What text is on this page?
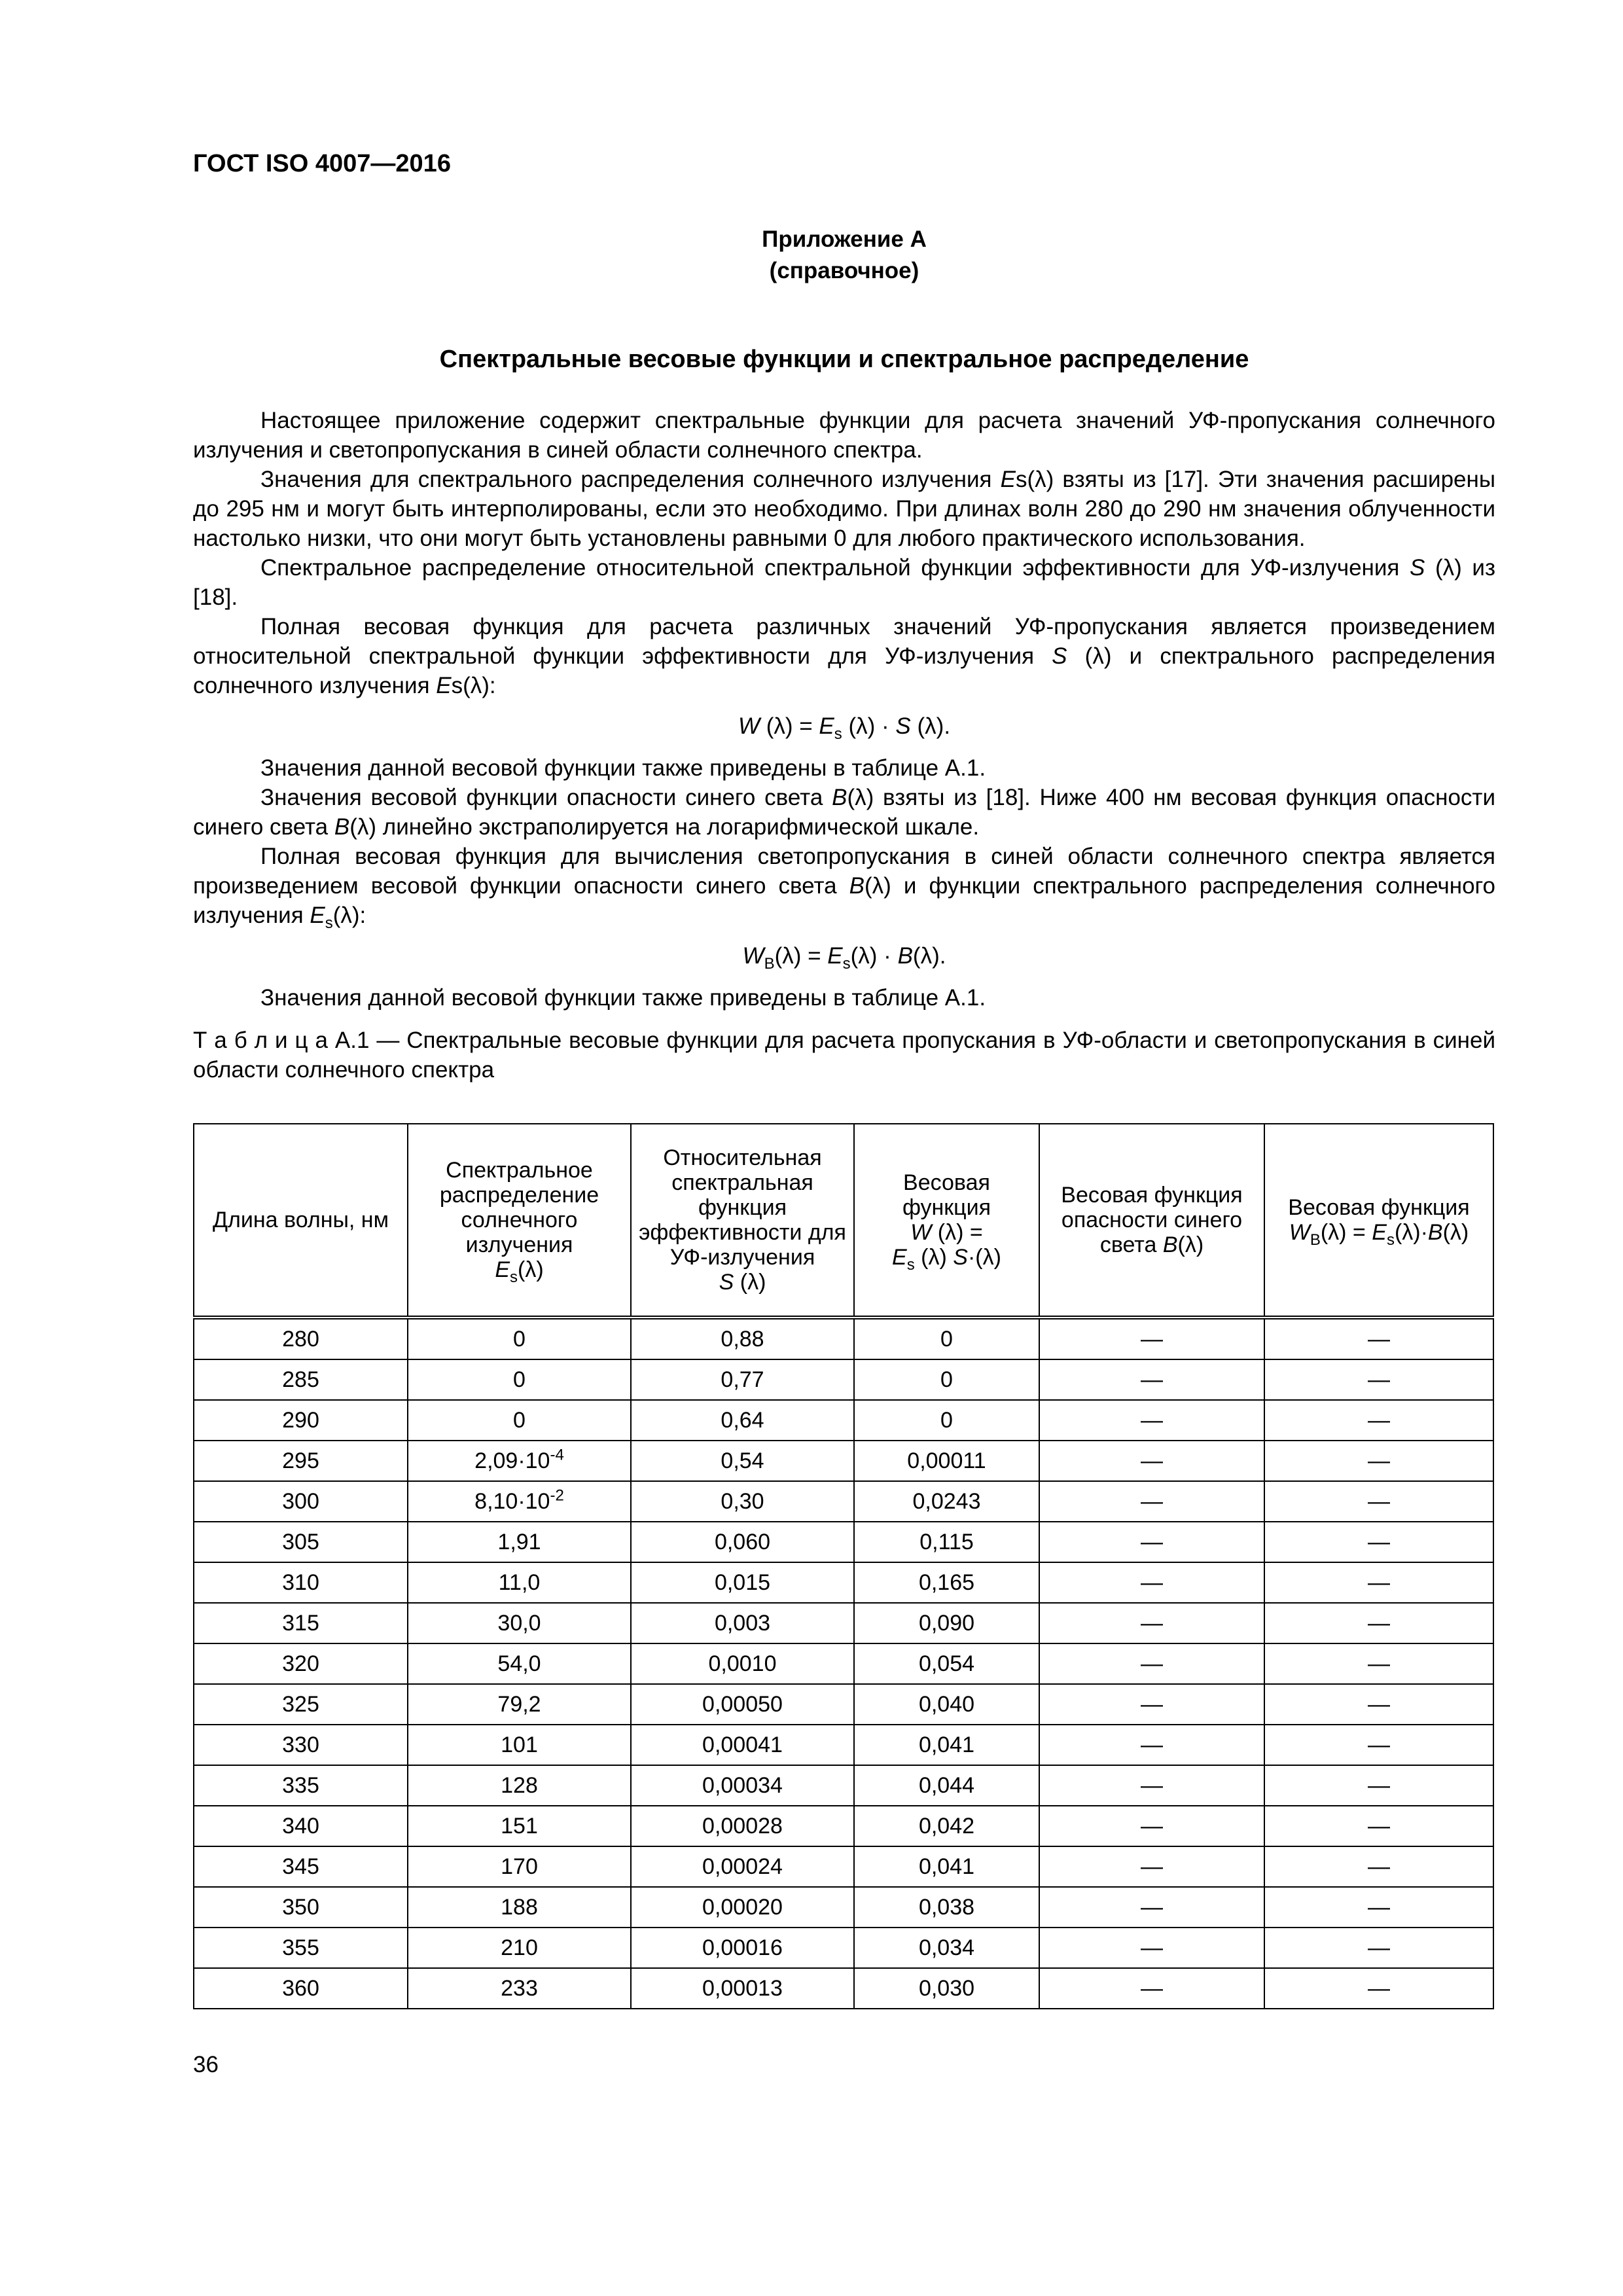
ГОСТ ISO 4007—2016
Приложение А
(справочное)
Спектральные весовые функции и спектральное распределение

Настоящее приложение содержит спектральные функции для расчета значений УФ-пропускания солнечного излучения и светопропускания в синей области солнечного спектра.

Значения для спектрального распределения солнечного излучения Es(λ) взяты из [17]. Эти значения расширены до 295 нм и могут быть интерполированы, если это необходимо. При длинах волн 280 до 290 нм значения облученности настолько низки, что они могут быть установлены равными 0 для любого практического использования.

Спектральное распределение относительной спектральной функции эффективности для УФ-излучения S (λ) из [18].

Полная весовая функция для расчета различных значений УФ-пропускания является произведением относительной спектральной функции эффективности для УФ-излучения S (λ) и спектрального распределения солнечного излучения Es(λ):

W $(\lambda) = E_s$ (λ) · S (λ).

Значения данной весовой функции также приведены в таблице А.1.

Значения весовой функции опасности синего света B(λ) взяты из [18]. Ниже 400 нм весовая функция опасности синего света B(λ) линейно экстраполируется на логарифмической шкале.

Полная весовая функция для вычисления светопропускания в синей области солнечного спектра является произведением весовой функции опасности синего света B(λ) и функции спектрального распределения солнечного излучения $E_s(\lambda)$:

$W_B(\lambda) = E_s(\lambda) \cdot B(\lambda)$.

Значения данной весовой функции также приведены в таблице А.1.

Т а б л и ц а А.1 — Спектральные весовые функции для расчета пропускания в УФ-области и светопропускания в синей области солнечного спектра

Длина волны, нм	Спектральное распределение солнечного излучения
$E_s(\lambda)$	Относительная спектральная функция эффективности для УФ-излучения
S (λ)	Весовая функция
W (λ) =
$E_s$ (λ) S·(λ)	Весовая функция опасности синего света B(λ)	Весовая функция
$W_B(\lambda) = E_s(\lambda)\cdot B(\lambda)$
280	0	0,88	0	—	—
285	0	0,77	0	—	—
290	0	0,64	0	—	—
295	$2,09\cdot 10^{-4}$	0,54	0,00011	—	—
300	$8,10\cdot 10^{-2}$	0,30	0,0243	—	—
305	1,91	0,060	0,115	—	—
310	11,0	0,015	0,165	—	—
315	30,0	0,003	0,090	—	—
320	54,0	0,0010	0,054	—	—
325	79,2	0,00050	0,040	—	—
330	101	0,00041	0,041	—	—
335	128	0,00034	0,044	—	—
340	151	0,00028	0,042	—	—
345	170	0,00024	0,041	—	—
350	188	0,00020	0,038	—	—
355	210	0,00016	0,034	—	—
360	233	0,00013	0,030	—	—
36
